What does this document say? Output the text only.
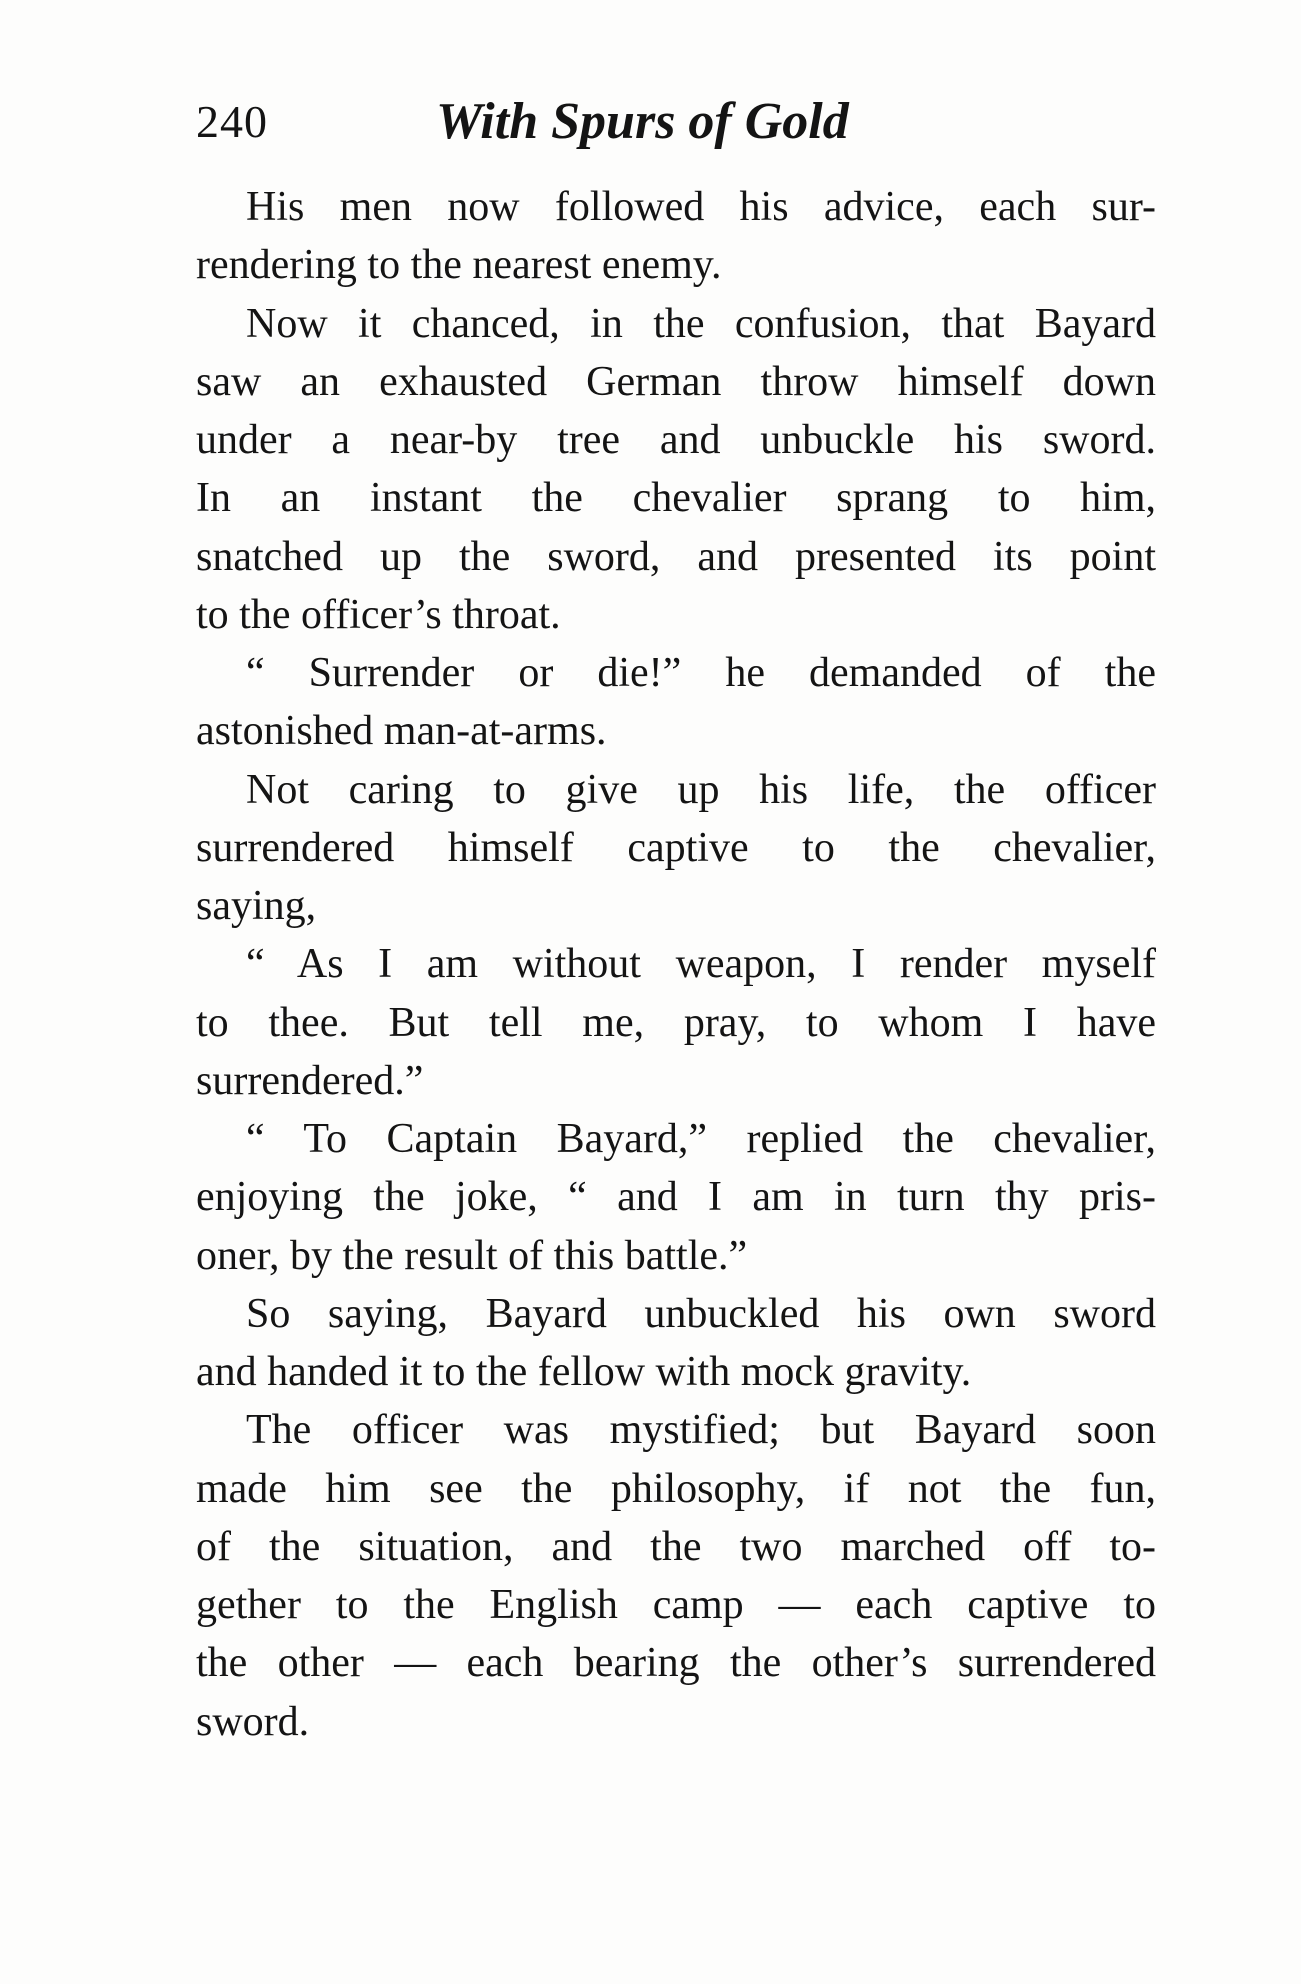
240	With Spurs of Gold
His men now followed his advice, each sur-
rendering to the nearest enemy.
Now it chanced, in the confusion, that Bayard
saw an exhausted German throw himself down
under a near-by tree and unbuckle his sword.
In an instant the chevalier sprang to him,
snatched up the sword, and presented its point
to the officer’s throat.
“ Surrender or die!” he demanded of the
astonished man-at-arms.
Not caring to give up his life, the officer
surrendered himself captive to the chevalier,
saying,
“ As I am without weapon, I render myself
to thee. But tell me, pray, to whom I have
surrendered.”
“ To Captain Bayard,” replied the chevalier,
enjoying the joke, “ and I am in turn thy pris-
oner, by the result of this battle.”
So saying, Bayard unbuckled his own sword
and handed it to the fellow with mock gravity.
The officer was mystified; but Bayard soon
made him see the philosophy, if not the fun,
of the situation, and the two marched off to-
gether to the English camp — each captive to
the other — each bearing the other’s surrendered
sword.
